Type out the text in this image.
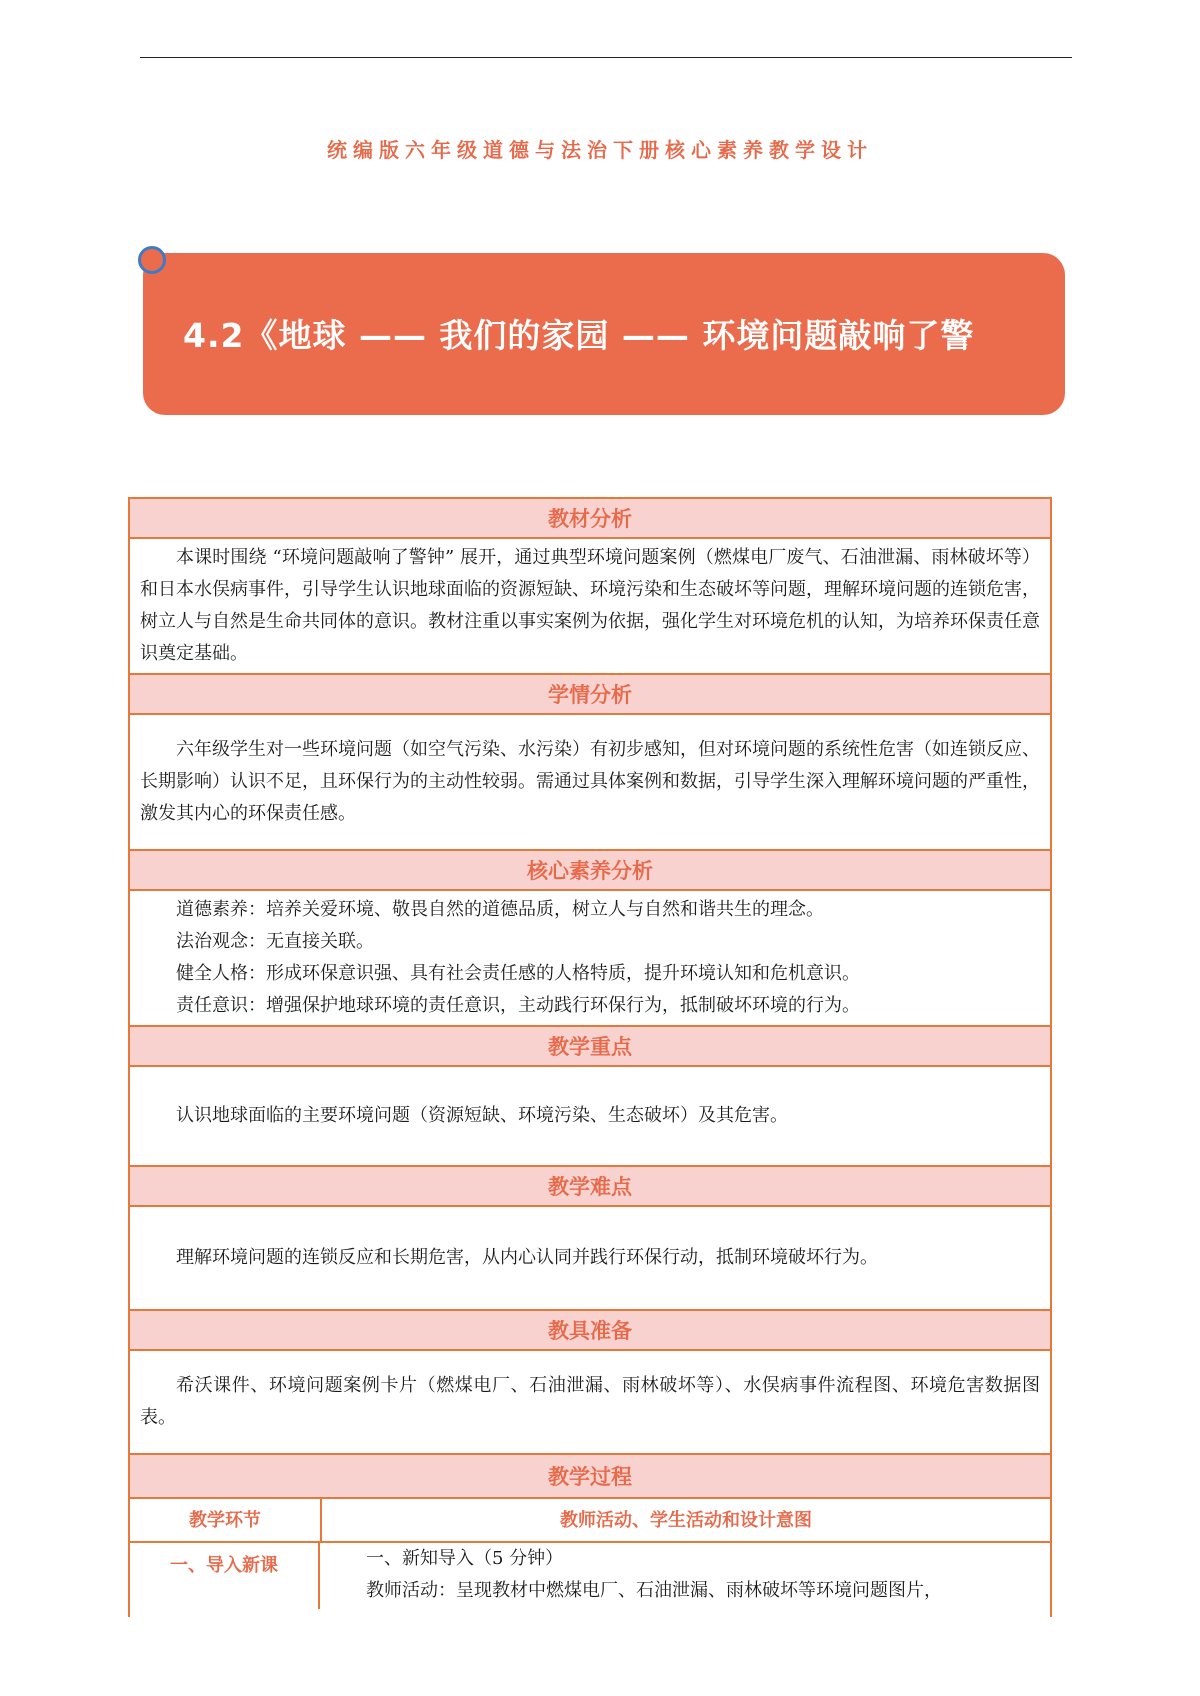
统编版六年级道德与法治下册核心素养教学设计
4.2《地球 —— 我们的家园 —— 环境问题敲响了警
教材分析

本课时围绕 “环境问题敲响了警钟” 展开，通过典型环境问题案例（燃煤电厂废气、石油泄漏、雨林破坏等）和日本水俣病事件，引导学生认识地球面临的资源短缺、环境污染和生态破坏等问题，理解环境问题的连锁危害，树立人与自然是生命共同体的意识。教材注重以事实案例为依据，强化学生对环境危机的认知，为培养环保责任意识奠定基础。

学情分析

六年级学生对一些环境问题（如空气污染、水污染）有初步感知，但对环境问题的系统性危害（如连锁反应、长期影响）认识不足，且环保行为的主动性较弱。需通过具体案例和数据，引导学生深入理解环境问题的严重性，激发其内心的环保责任感。

核心素养分析

道德素养：培养关爱环境、敬畏自然的道德品质，树立人与自然和谐共生的理念。

法治观念：无直接关联。

健全人格：形成环保意识强、具有社会责任感的人格特质，提升环境认知和危机意识。

责任意识：增强保护地球环境的责任意识，主动践行环保行为，抵制破坏环境的行为。

教学重点

认识地球面临的主要环境问题（资源短缺、环境污染、生态破坏）及其危害。

教学难点

理解环境问题的连锁反应和长期危害，从内心认同并践行环保行动，抵制环境破坏行为。

教具准备

希沃课件、环境问题案例卡片（燃煤电厂、石油泄漏、雨林破坏等）、水俣病事件流程图、环境危害数据图表。

教学过程
教学环节	教师活动、学生活动和设计意图
一、导入新课	一、新知导入（5 分钟）

教师活动：呈现教材中燃煤电厂、石油泄漏、雨林破坏等环境问题图片，
